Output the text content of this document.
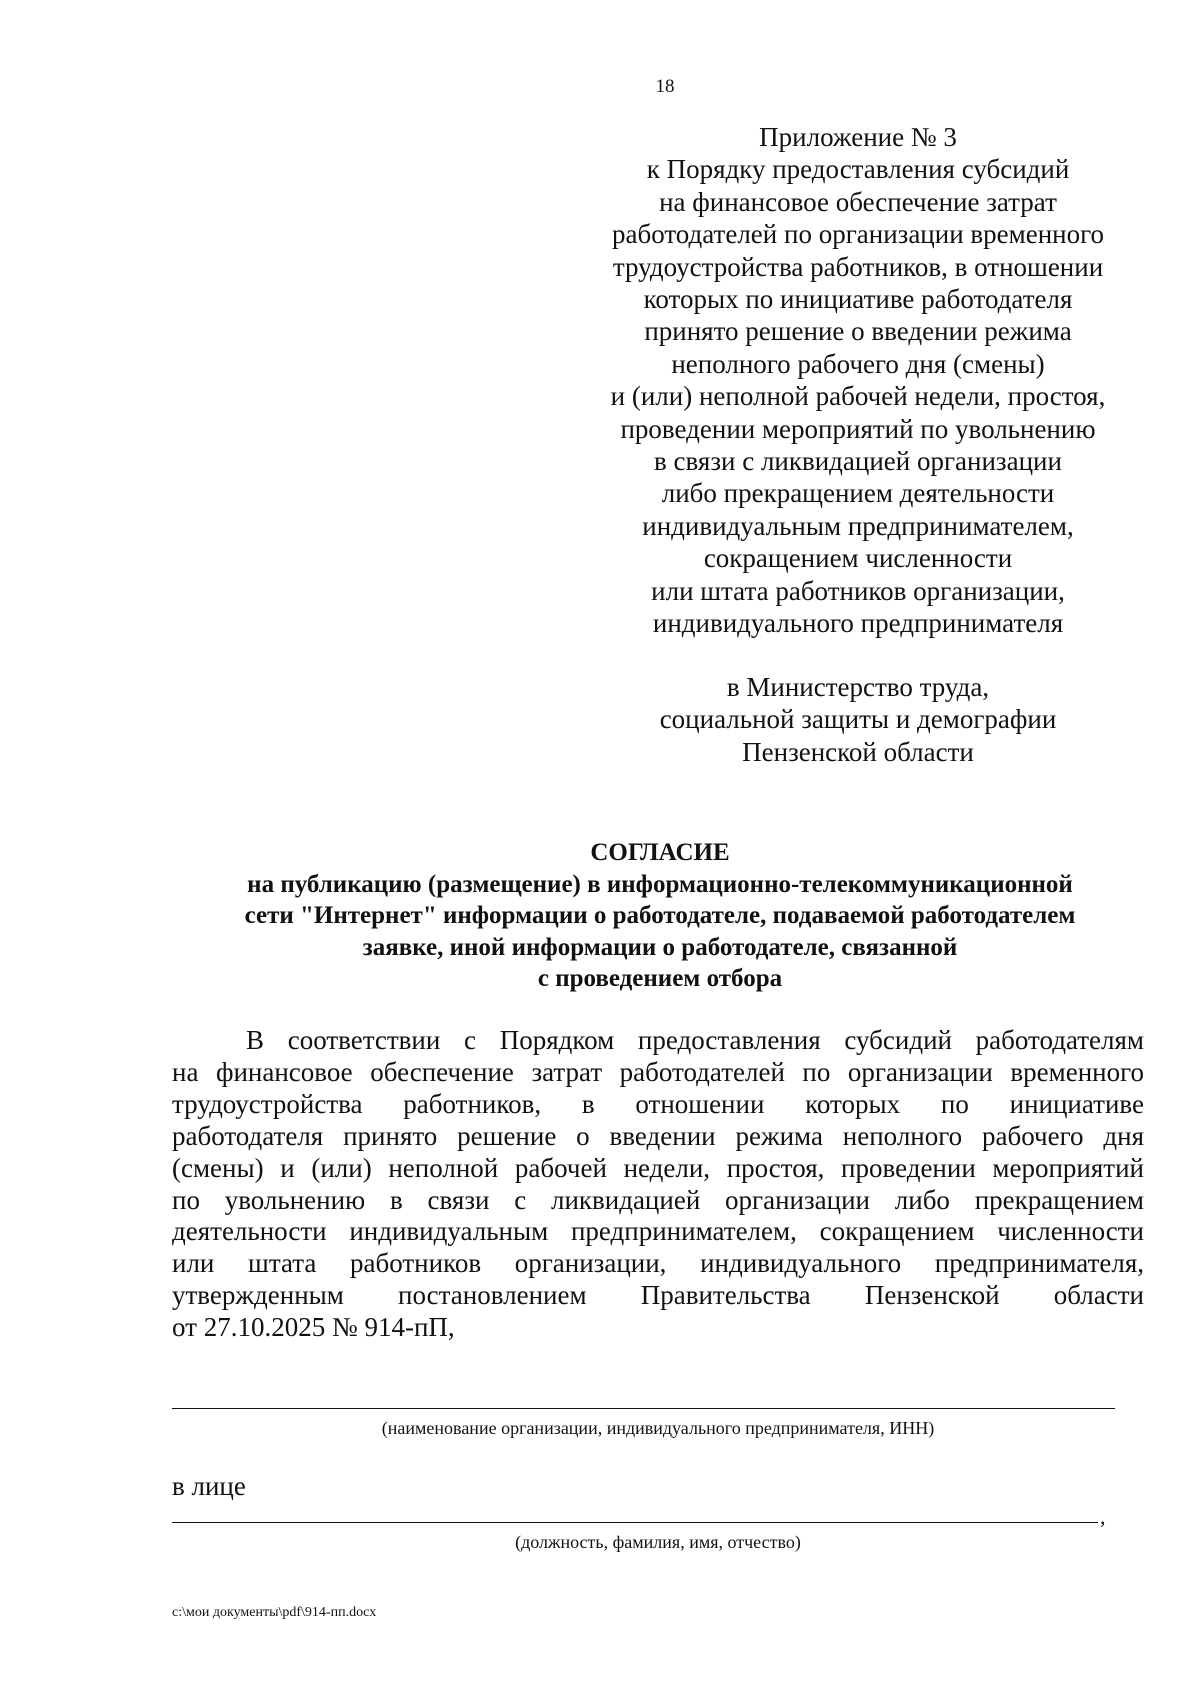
18
Приложение № 3
к Порядку предоставления субсидий
на финансовое обеспечение затрат
работодателей по организации временного
трудоустройства работников, в отношении
которых по инициативе работодателя
принято решение о введении режима
неполного рабочего дня (смены)
и (или) неполной рабочей недели, простоя,
проведении мероприятий по увольнению
в связи с ликвидацией организации
либо прекращением деятельности
индивидуальным предпринимателем,
сокращением численности
или штата работников организации,
индивидуального предпринимателя
в Министерство труда,
социальной защиты и демографии
Пензенской области
СОГЛАСИЕ
на публикацию (размещение) в информационно-телекоммуникационной
сети "Интернет" информации о работодателе, подаваемой работодателем
заявке, иной информации о работодателе, связанной
с проведением отбора
В соответствии с Порядком предоставления субсидий работодателям
на финансовое обеспечение затрат работодателей по организации временного
трудоустройства работников, в отношении которых по инициативе
работодателя принято решение о введении режима неполного рабочего дня
(смены) и (или) неполной рабочей недели, простоя, проведении мероприятий
по увольнению в связи с ликвидацией организации либо прекращением
деятельности индивидуальным предпринимателем, сокращением численности
или штата работников организации, индивидуального предпринимателя,
утвержденным постановлением Правительства Пензенской области
от 27.10.2025 № 914-пП,
(наименование организации, индивидуального предпринимателя, ИНН)
в лице
,
(должность, фамилия, имя, отчество)
c:\мои документы\pdf\914-пп.docx
